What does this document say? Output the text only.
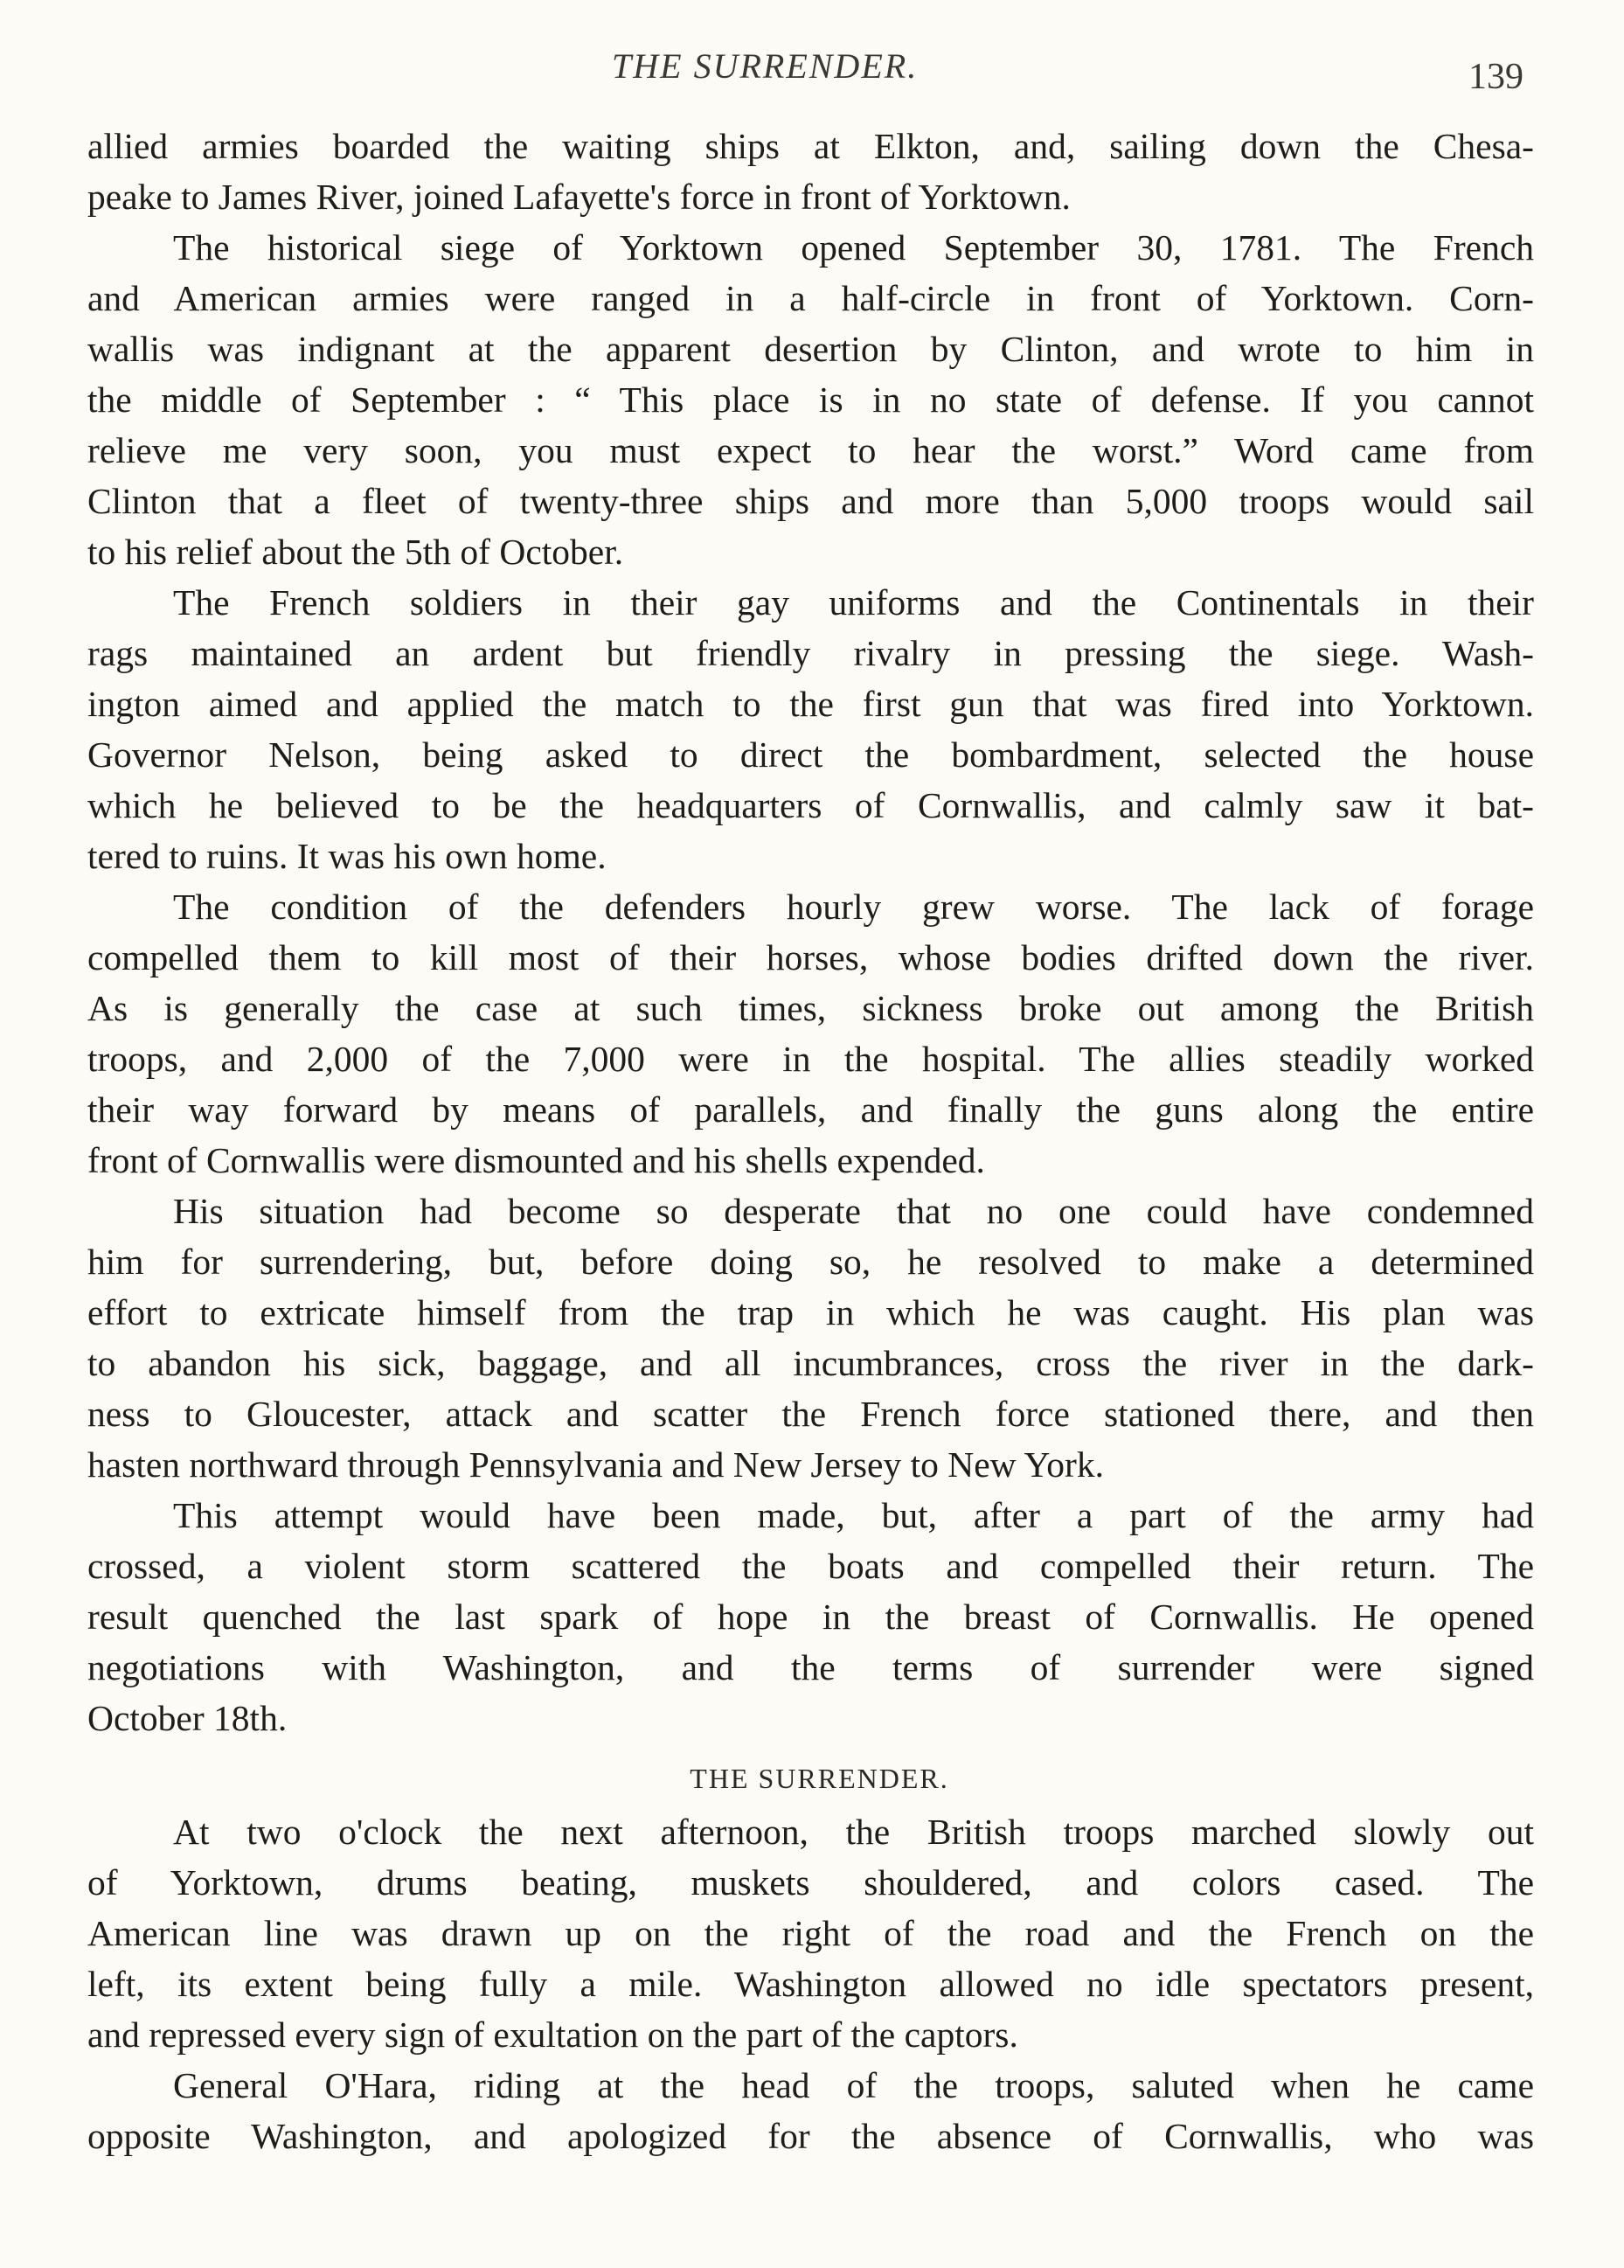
THE SURRENDER.	139
allied armies boarded the waiting ships at Elkton, and, sailing down the Chesa-
peake to James River, joined Lafayette's force in front of Yorktown.
The historical siege of Yorktown opened September 30, 1781. The French
and American armies were ranged in a half-circle in front of Yorktown. Corn-
wallis was indignant at the apparent desertion by Clinton, and wrote to him in
the middle of September : “ This place is in no state of defense. If you cannot
relieve me very soon, you must expect to hear the worst.” Word came from
Clinton that a fleet of twenty-three ships and more than 5,000 troops would sail
to his relief about the 5th of October.
The French soldiers in their gay uniforms and the Continentals in their
rags maintained an ardent but friendly rivalry in pressing the siege. Wash-
ington aimed and applied the match to the first gun that was fired into Yorktown.
Governor Nelson, being asked to direct the bombardment, selected the house
which he believed to be the headquarters of Cornwallis, and calmly saw it bat-
tered to ruins. It was his own home.
The condition of the defenders hourly grew worse. The lack of forage
compelled them to kill most of their horses, whose bodies drifted down the river.
As is generally the case at such times, sickness broke out among the British
troops, and 2,000 of the 7,000 were in the hospital. The allies steadily worked
their way forward by means of parallels, and finally the guns along the entire
front of Cornwallis were dismounted and his shells expended.
His situation had become so desperate that no one could have condemned
him for surrendering, but, before doing so, he resolved to make a determined
effort to extricate himself from the trap in which he was caught. His plan was
to abandon his sick, baggage, and all incumbrances, cross the river in the dark-
ness to Gloucester, attack and scatter the French force stationed there, and then
hasten northward through Pennsylvania and New Jersey to New York.
This attempt would have been made, but, after a part of the army had
crossed, a violent storm scattered the boats and compelled their return. The
result quenched the last spark of hope in the breast of Cornwallis. He opened
negotiations with Washington, and the terms of surrender were signed
October 18th.
THE SURRENDER.
At two o'clock the next afternoon, the British troops marched slowly out
of Yorktown, drums beating, muskets shouldered, and colors cased. The
American line was drawn up on the right of the road and the French on the
left, its extent being fully a mile. Washington allowed no idle spectators present,
and repressed every sign of exultation on the part of the captors.
General O'Hara, riding at the head of the troops, saluted when he came
opposite Washington, and apologized for the absence of Cornwallis, who was
